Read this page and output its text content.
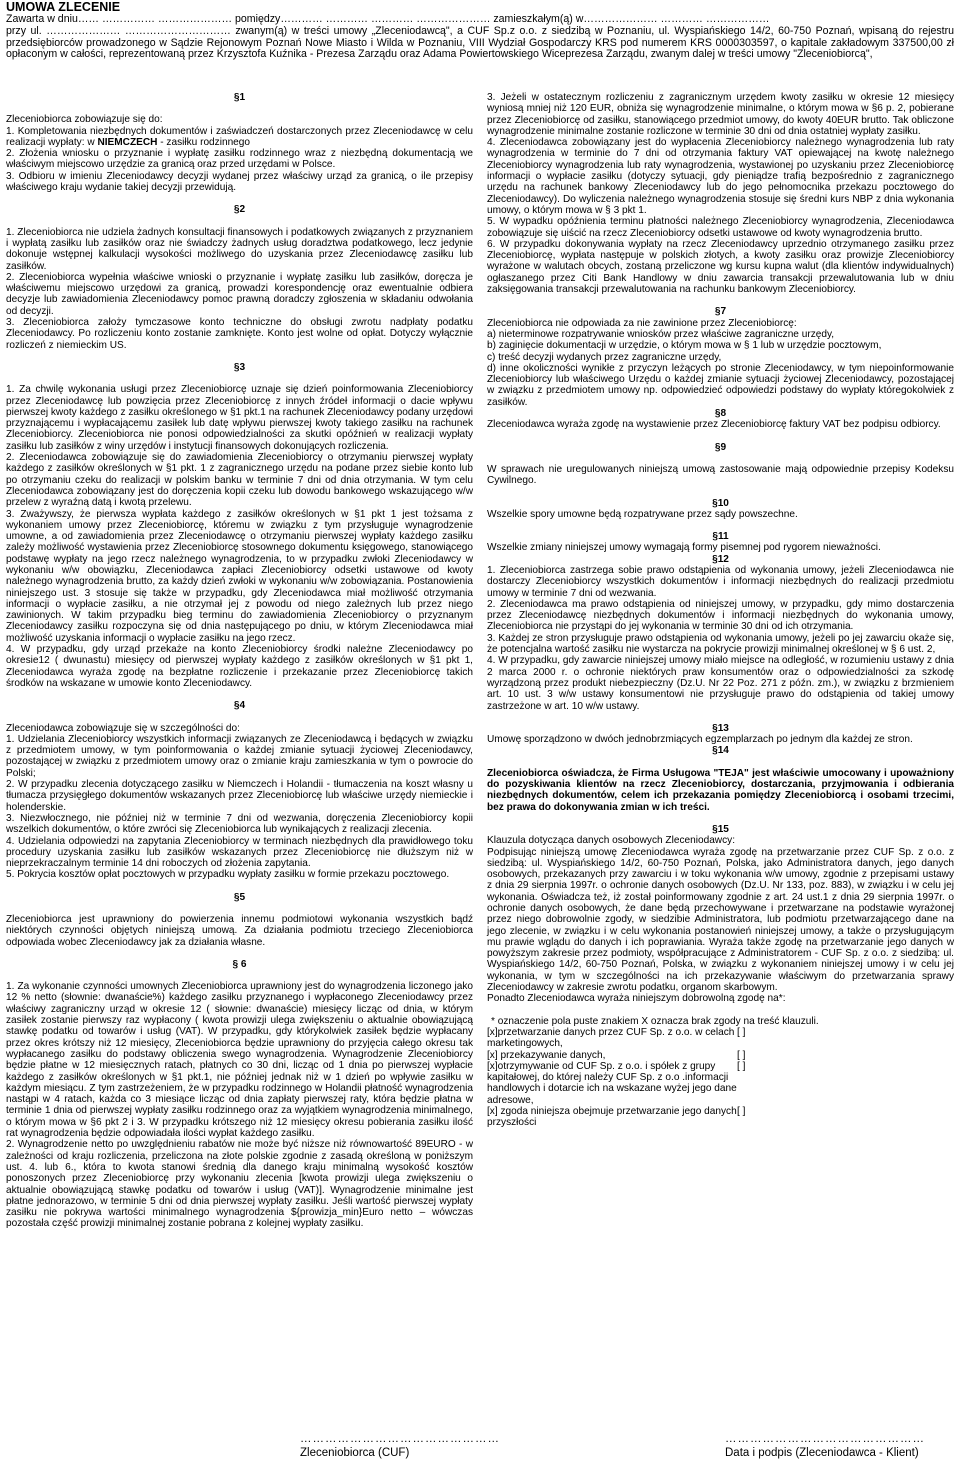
UMOWA ZLECENIE

Zawarta w dniu…… …………… ………………… pomiędzy………… ………… ………… ………………… zamieszkałym(ą) w………………… ………… ………………

przy ul. ………………… ………………………… zwanym(ą) w treści umowy „Zleceniodawcą", a CUF Sp.z o.o. z siedzibą w Poznaniu, ul. Wyspiańskiego 14/2, 60-750 Poznań, wpisaną do rejestru przedsiębiorców prowadzonego w Sądzie Rejonowym Poznań Nowe Miasto i Wilda w Poznaniu, VIII Wydział Gospodarczy KRS pod numerem KRS 0000303597, o kapitale zakładowym 337500,00 zł opłaconym w całości, reprezentowaną przez Krzysztofa Kuźnika - Prezesa Zarządu oraz Adama Powiertowskiego Wiceprezesa Zarządu, zwanym dalej w treści umowy "Zleceniobiorcą",

§1

Zleceniobiorca zobowiązuje się do:

1. Kompletowania niezbędnych dokumentów i zaświadczeń dostarczonych przez Zleceniodawcę w celu realizacji wypłaty: w NIEMCZECH - zasiłku rodzinnego

2. Złożenia wniosku o przyznanie i wypłatę zasiłku rodzinnego wraz z niezbędną dokumentacją we właściwym miejscowo urzędzie za granicą oraz przed urzędami w Polsce.

3. Odbioru w imieniu Zleceniodawcy decyzji wydanej przez właściwy urząd za granicą, o ile przepisy właściwego kraju wydanie takiej decyzji przewidują.

§2

1. Zleceniobiorca nie udziela żadnych konsultacji finansowych i podatkowych związanych z przyznaniem i wypłatą zasiłku lub zasiłków oraz nie świadczy żadnych usług doradztwa podatkowego, lecz jedynie dokonuje wstępnej kalkulacji wysokości możliwego do uzyskania przez Zleceniodawcę zasiłku lub zasiłków.

2. Zleceniobiorca wypełnia właściwe wnioski o przyznanie i wypłatę zasiłku lub zasiłków, doręcza je właściwemu miejscowo urzędowi za granicą, prowadzi korespondencję oraz ewentualnie odbiera decyzje lub zawiadomienia Zleceniodawcy pomoc prawną doradczy zgłoszenia w składaniu odwołania od decyzji.

3. Zleceniobiorca założy tymczasowe konto techniczne do obsługi zwrotu nadpłaty podatku Zleceniodawcy. Po rozliczeniu konto zostanie zamknięte. Konto jest wolne od opłat. Dotyczy wyłącznie rozliczeń z niemieckim US.

§3

1. Za chwilę wykonania usługi przez Zleceniobiorcę uznaje się dzień poinformowania Zleceniobiorcy przez Zleceniodawcę lub powzięcia przez Zleceniobiorcę z innych źródeł informacji o dacie wpływu pierwszej kwoty każdego z zasiłku określonego w §1 pkt.1 na rachunek Zleceniodawcy podany urzędowi przyznającemu i wypłacającemu zasiłek lub datę wpływu pierwszej kwoty takiego zasiłku na rachunek Zleceniobiorcy. Zleceniobiorca nie ponosi odpowiedzialności za skutki opóźnień w realizacji wypłaty zasiłku lub zasiłków z winy urzędów i instytucji finansowych dokonujących rozliczenia.

2. Zleceniodawca zobowiązuje się do zawiadomienia Zleceniobiorcy o otrzymaniu pierwszej wypłaty każdego z zasiłków określonych w §1 pkt. 1 z zagranicznego urzędu na podane przez siebie konto lub po otrzymaniu czeku do realizacji w polskim banku w terminie 7 dni od dnia otrzymania. W tym celu Zleceniodawca zobowiązany jest do doręczenia kopii czeku lub dowodu bankowego wskazującego w/w przelew z wyraźną datą i kwotą przelewu.

3. Zważywszy, że pierwsza wypłata każdego z zasiłków określonych w §1 pkt 1 jest tożsama z wykonaniem umowy przez Zleceniobiorcę, któremu w związku z tym przysługuje wynagrodzenie umowne, a od zawiadomienia przez Zleceniodawcę o otrzymaniu pierwszej wypłaty każdego zasiłku zależy możliwość wystawienia przez Zleceniobiorcę stosownego dokumentu księgowego, stanowiącego podstawę wypłaty na jego rzecz należnego wynagrodzenia, to w przypadku zwłoki Zleceniodawcy w wykonaniu w/w obowiązku, Zleceniodawca zapłaci Zleceniobiorcy odsetki ustawowe od kwoty należnego wynagrodzenia brutto, za każdy dzień zwłoki w wykonaniu w/w zobowiązania. Postanowienia niniejszego ust. 3 stosuje się także w przypadku, gdy Zleceniodawca miał możliwość otrzymania informacji o wypłacie zasiłku, a nie otrzymał jej z powodu od niego zależnych lub przez niego zawinionych. W takim przypadku bieg terminu do zawiadomienia Zleceniobiorcy o przyznanym Zleceniodawcy zasiłku rozpoczyna się od dnia następującego po dniu, w którym Zleceniodawca miał możliwość uzyskania informacji o wypłacie zasiłku na jego rzecz.

4. W przypadku, gdy urząd przekaże na konto Zleceniobiorcy środki należne Zleceniodawcy po okresie12 ( dwunastu) miesięcy od pierwszej wypłaty każdego z zasiłków określonych w §1 pkt 1, Zleceniodawca wyraża zgodę na bezpłatne rozliczenie i przekazanie przez Zleceniobiorcę takich środków na wskazane w umowie konto Zleceniodawcy.

§4

Zleceniodawca zobowiązuje się w szczególności do:

1. Udzielania Zleceniobiorcy wszystkich informacji związanych ze Zleceniodawcą i będących w związku z przedmiotem umowy, w tym poinformowania o każdej zmianie sytuacji życiowej Zleceniodawcy, pozostającej w związku z przedmiotem umowy oraz o zmianie kraju zamieszkania w tym o powrocie do Polski;

2. W przypadku zlecenia dotyczącego zasiłku w Niemczech i Holandii - tłumaczenia na koszt własny u tłumacza przysięgłego dokumentów wskazanych przez Zleceniobiorcę lub właściwe urzędy niemieckie i holenderskie.

3. Niezwłocznego, nie później niż w terminie 7 dni od wezwania, doręczenia Zleceniobiorcy kopii wszelkich dokumentów, o które zwróci się Zleceniobiorca lub wynikających z realizacji zlecenia.

4. Udzielania odpowiedzi na zapytania Zleceniobiorcy w terminach niezbędnych dla prawidłowego toku procedury uzyskania zasiłku lub zasiłków wskazanych przez Zleceniobiorcę nie dłuższym niż w nieprzekraczalnym terminie 14 dni roboczych od złożenia zapytania.

5. Pokrycia kosztów opłat pocztowych w przypadku wypłaty zasiłku w formie przekazu pocztowego.

§5

Zleceniobiorca jest uprawniony do powierzenia innemu podmiotowi wykonania wszystkich bądź niektórych czynności objętych niniejszą umową. Za działania podmiotu trzeciego Zleceniobiorca odpowiada wobec Zleceniodawcy jak za działania własne.

§ 6

1. Za wykonanie czynności umownych Zleceniobiorca uprawniony jest do wynagrodzenia liczonego jako 12 % netto (słownie: dwanaście%) każdego zasiłku przyznanego i wypłaconego Zleceniodawcy przez właściwy zagraniczny urząd w okresie 12 ( słownie: dwanaście) miesięcy licząc od dnia, w którym zasiłek zostanie pierwszy raz wypłacony ( kwota prowizji ulega zwiększeniu o aktualnie obowiązującą stawkę podatku od towarów i usług (VAT). W przypadku, gdy którykolwiek zasiłek będzie wypłacany przez okres krótszy niż 12 miesięcy, Zleceniobiorca będzie uprawniony do przyjęcia całego okresu tak wypłacanego zasiłku do podstawy obliczenia swego wynagrodzenia. Wynagrodzenie Zleceniobiorcy będzie płatne w 12 miesięcznych ratach, płatnych co 30 dni, licząc od 1 dnia po pierwszej wypłacie każdego z zasiłków określonych w §1 pkt.1, nie później jednak niż w 1 dzień po wpływie zasiłku w każdym miesiącu. Z tym zastrzeżeniem, że w przypadku rodzinnego w Holandii płatność wynagrodzenia nastąpi w 4 ratach, każda co 3 miesiące licząc od dnia zapłaty pierwszej raty, która będzie płatna w terminie 1 dnia od pierwszej wypłaty zasiłku rodzinnego oraz za wyjątkiem wynagrodzenia minimalnego, o którym mowa w §6 pkt 2 i 3. W przypadku krótszego niż 12 miesięcy okresu pobierania zasiłku ilość rat wynagrodzenia będzie odpowiadała ilości wypłat każdego zasiłku.

2. Wynagrodzenie netto po uwzględnieniu rabatów nie może być niższe niż równowartość 89EURO - w zależności od kraju rozliczenia, przeliczona na złote polskie zgodnie z zasadą określoną w poniższym ust. 4. lub 6., która to kwota stanowi średnią dla danego kraju minimalną wysokość kosztów ponoszonych przez Zleceniobiorcę przy wykonaniu zlecenia [kwota prowizji ulega zwiększeniu o aktualnie obowiązującą stawkę podatku od towarów i usług (VAT)]. Wynagrodzenie minimalne jest płatne jednorazowo, w terminie 5 dni od dnia pierwszej wypłaty zasiłku. Jeśli wartość pierwszej wypłaty zasiłku nie pokrywa wartości minimalnego wynagrodzenia ${prowizja_min}Euro netto – wówczas pozostała część prowizji minimalnej zostanie pobrana z kolejnej wypłaty zasiłku.

3. Jeżeli w ostatecznym rozliczeniu z zagranicznym urzędem kwoty zasiłku w okresie 12 miesięcy wyniosą mniej niż 120 EUR, obniża się wynagrodzenie minimalne, o którym mowa w §6 p. 2, pobierane przez Zleceniobiorcę od zasiłku, stanowiącego przedmiot umowy, do kwoty 40EUR brutto. Tak obliczone wynagrodzenie minimalne zostanie rozliczone w terminie 30 dni od dnia ostatniej wypłaty zasiłku.

4. Zleceniodawca zobowiązany jest do wypłacenia Zleceniobiorcy należnego wynagrodzenia lub raty wynagrodzenia w terminie do 7 dni od otrzymania faktury VAT opiewającej na kwotę należnego Zleceniobiorcy wynagrodzenia lub raty wynagrodzenia, wystawionej po uzyskaniu przez Zleceniobiorcę informacji o wypłacie zasiłku (dotyczy sytuacji, gdy pieniądze trafią bezpośrednio z zagranicznego urzędu na rachunek bankowy Zleceniodawcy lub do jego pełnomocnika przekazu pocztowego do Zleceniodawcy). Do wyliczenia należnego wynagrodzenia stosuje się średni kurs NBP z dnia wykonania umowy, o którym mowa w § 3 pkt 1.

5. W wypadku opóźnienia terminu płatności należnego Zleceniobiorcy wynagrodzenia, Zleceniodawca zobowiązuje się uiścić na rzecz Zleceniobiorcy odsetki ustawowe od kwoty wynagrodzenia brutto.

6. W przypadku dokonywania wypłaty na rzecz Zleceniodawcy uprzednio otrzymanego zasiłku przez Zleceniobiorcę, wypłata następuje w polskich złotych, a kwoty zasiłku oraz prowizje Zleceniobiorcy wyrażone w walutach obcych, zostaną przeliczone wg kursu kupna walut (dla klientów indywidualnych) ogłaszanego przez Citi Bank Handlowy w dniu zawarcia transakcji przewalutowania lub w dniu zaksięgowania transakcji przewalutowania na rachunku bankowym Zleceniobiorcy.

§7

Zleceniobiorca nie odpowiada za nie zawinione przez Zleceniobiorcę:

a) nieterminowe rozpatrywanie wniosków przez właściwe zagraniczne urzędy,

b) zaginięcie dokumentacji w urzędzie, o którym mowa w § 1 lub w urzędzie pocztowym,

c) treść decyzji wydanych przez zagraniczne urzędy,

d) inne okoliczności wynikłe z przyczyn leżących po stronie Zleceniodawcy, w tym niepoinformowanie Zleceniobiorcy lub właściwego Urzędu o każdej zmianie sytuacji życiowej Zleceniodawcy, pozostającej w związku z przedmiotem umowy np. odpowiedzieć odpowiedzi podstawy do wypłaty któregokolwiek z zasiłków.

§8

Zleceniodawca wyraża zgodę na wystawienie przez Zleceniobiorcę faktury VAT bez podpisu odbiorcy.

§9

W sprawach nie uregulowanych niniejszą umową zastosowanie mają odpowiednie przepisy Kodeksu Cywilnego.

§10

Wszelkie spory umowne będą rozpatrywane przez sądy powszechne.

§11

Wszelkie zmiany niniejszej umowy wymagają formy pisemnej pod rygorem nieważności.

§12

1. Zleceniobiorca zastrzega sobie prawo odstąpienia od wykonania umowy, jeżeli Zleceniodawca nie dostarczy Zleceniobiorcy wszystkich dokumentów i informacji niezbędnych do realizacji przedmiotu umowy w terminie 7 dni od wezwania.

2. Zleceniodawca ma prawo odstąpienia od niniejszej umowy, w przypadku, gdy mimo dostarczenia przez Zleceniodawcę niezbędnych dokumentów i informacji niezbędnych do wykonania umowy, Zleceniobiorca nie przystąpi do jej wykonania w terminie 30 dni od ich otrzymania.

3. Każdej ze stron przysługuje prawo odstąpienia od wykonania umowy, jeżeli po jej zawarciu okaże się, że potencjalna wartość zasiłku nie wystarcza na pokrycie prowizji minimalnej określonej w § 6 ust. 2,

4. W przypadku, gdy zawarcie niniejszej umowy miało miejsce na odległość, w rozumieniu ustawy z dnia 2 marca 2000 r. o ochronie niektórych praw konsumentów oraz o odpowiedzialności za szkodę wyrządzoną przez produkt niebezpieczny (Dz.U. Nr 22 Poz. 271 z późn. zm.), w związku z brzmieniem art. 10 ust. 3 w/w ustawy konsumentowi nie przysługuje prawo do odstąpienia od takiej umowy zastrzeżone w art. 10 w/w ustawy.

§13

Umowę sporządzono w dwóch jednobrzmiących egzemplarzach po jednym dla każdej ze stron.

§14

Zleceniobiorca oświadcza, że Firma Usługowa "TEJA" jest właściwie umocowany i upoważniony do pozyskiwania klientów na rzecz Zleceniobiorcy, dostarczania, przyjmowania i odbierania niezbędnych dokumentów, celem ich przekazania pomiędzy Zleceniobiorcą i osobami trzecimi, bez prawa do dokonywania zmian w ich treści.

§15

Klauzula dotycząca danych osobowych Zleceniodawcy:

Podpisując niniejszą umowę Zleceniodawca wyraża zgodę na przetwarzanie przez CUF Sp. z o.o. z siedzibą: ul. Wyspiańskiego 14/2, 60-750 Poznań, Polska, jako Administratora danych, jego danych osobowych, przekazanych przy zawarciu i w toku wykonania w/w umowy, zgodnie z przepisami ustawy z dnia 29 sierpnia 1997r. o ochronie danych osobowych (Dz.U. Nr 133, poz. 883), w związku i w celu jej wykonania. Oświadcza też, iż został poinformowany zgodnie z art. 24 ust.1 z dnia 29 sierpnia 1997r. o ochronie danych osobowych, że dane będą przechowywane i przetwarzane na podstawie wyrażonej przez niego dobrowolnie zgody, w siedzibie Administratora, lub podmiotu przetwarzającego dane na jego zlecenie, w związku i w celu wykonania postanowień niniejszej umowy, a także o przysługującym mu prawie wglądu do danych i ich poprawiania. Wyraża także zgodę na przetwarzanie jego danych w powyższym zakresie przez podmioty, współpracujące z Administratorem - CUF Sp. z o.o. z siedzibą: ul. Wyspiańskiego 14/2, 60-750 Poznań, Polska, w związku z wykonaniem niniejszej umowy i w celu jej wykonania, w tym w szczególności na ich przekazywanie właściwym do przetwarzania sprawy Zleceniodawcy w zakresie zwrotu podatku, organom skarbowym.

Ponadto Zleceniodawca wyraża niniejszym dobrowolną zgodę na*:

* oznaczenie pola puste znakiem X oznacza brak zgody na treść klauzuli.

[x]przetwarzanie danych przez CUF Sp. z o.o. w celach marketingowych,
[ ]
[x] przekazywanie danych,	[ ]
[x]otrzymywanie od CUF Sp. z o.o. i spółek z grupy kapitałowej, do której należy CUF Sp. z o.o .informacji handlowych i dotarcie ich na wskazane wyżej jego dane adresowe,
[ ]
[x] zgoda niniejsza obejmuje przetwarzanie jego danych przyszłości
[ ]
…………………………………………
Zleceniobiorca (CUF)
…………………………………………
Data i podpis (Zleceniodawca - Klient)
